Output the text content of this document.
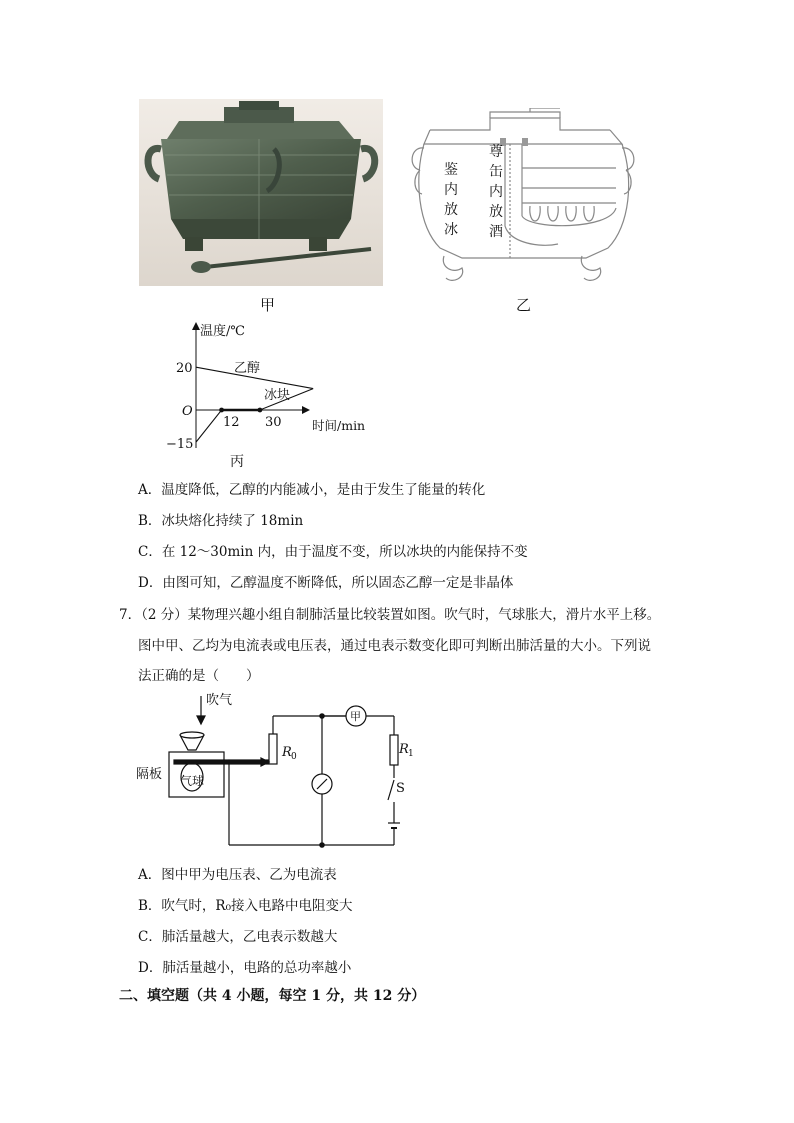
鉴
内
放
冰
尊
缶
内
放
酒
甲	乙
温度/℃
时间/min
20
O
−15
12 30
乙醇
冰块
丙
A．温度降低，乙醇的内能减小，是由于发生了能量的转化
B．冰块熔化持续了 18min
C．在 12～30min 内，由于温度不变，所以冰块的内能保持不变
D．由图可知，乙醇温度不断降低，所以固态乙醇一定是非晶体
7．（2 分）某物理兴趣小组自制肺活量比较装置如图。吹气时，气球胀大，滑片水平上移。
图中甲、乙均为电流表或电压表，通过电表示数变化即可判断出肺活量的大小。下列说
法正确的是（　　）
吹气
隔板 气球
R 0	R 1
S
甲
A．图中甲为电压表、乙为电流表
B．吹气时，R₀接入电路中电阻变大
C．肺活量越大，乙电表示数越大
D．肺活量越小，电路的总功率越小
二、填空题（共 4 小题，每空 1 分，共 12 分）
